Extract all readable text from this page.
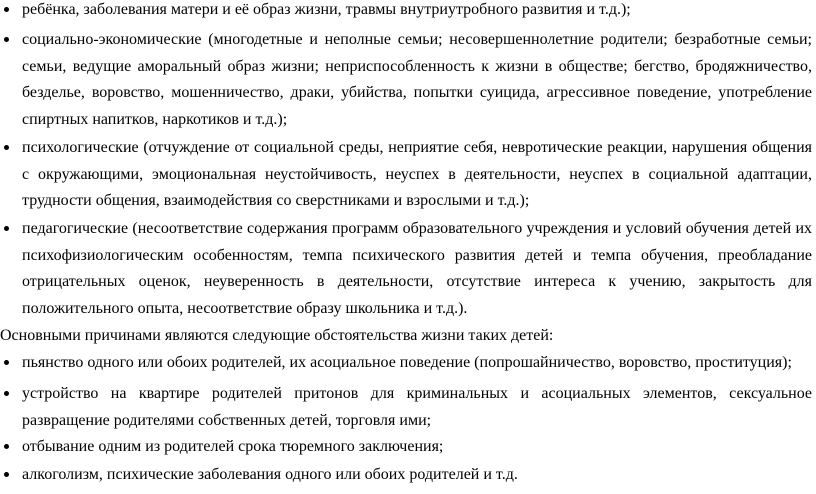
ребёнка, заболевания матери и её образ жизни, травмы внутриутробного развития и т.д.);
социально-экономические (многодетные и неполные семьи; несовершеннолетние родители; безработные семьи; семьи, ведущие аморальный образ жизни; неприспособленность к жизни в обществе; бегство, бродяжничество, безделье, воровство, мошенничество, драки, убийства, попытки суицида, агрессивное поведение, употребление спиртных напитков, наркотиков и т.д.);
психологические (отчуждение от социальной среды, неприятие себя, невротические реакции, нарушения общения с окружающими, эмоциональная неустойчивость, неуспех в деятельности, неуспех в социальной адаптации, трудности общения, взаимодействия со сверстниками и взрослыми и т.д.);
педагогические (несоответствие содержания программ образовательного учреждения и условий обучения детей их психофизиологическим особенностям, темпа психического развития детей и темпа обучения, преобладание отрицательных оценок, неуверенность в деятельности, отсутствие интереса к учению, закрытость для положительного опыта, несоответствие образу школьника и т.д.).
Основными причинами являются следующие обстоятельства жизни таких детей:
пьянство одного или обоих родителей, их асоциальное поведение (попрошайничество, воровство, проституция);
устройство на квартире родителей притонов для криминальных и асоциальных элементов, сексуальное развращение родителями собственных детей, торговля ими;
отбывание одним из родителей срока тюремного заключения;
алкоголизм, психические заболевания одного или обоих родителей и т.д.
